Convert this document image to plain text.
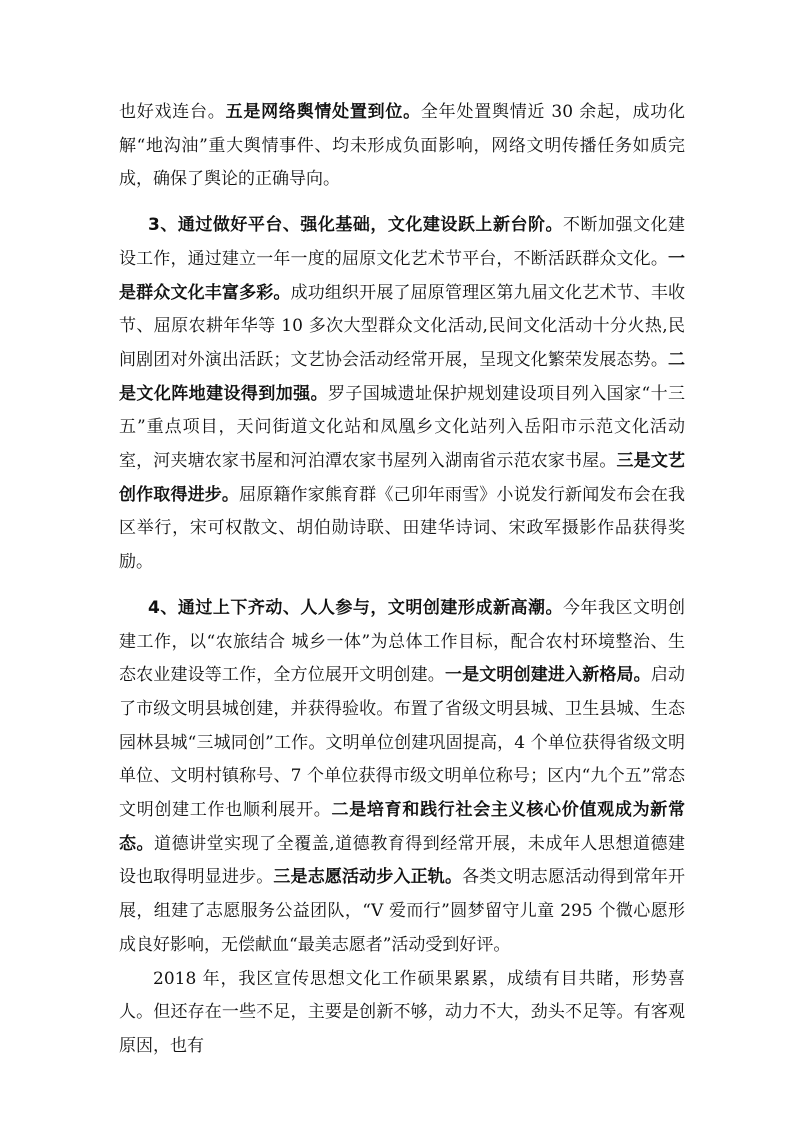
也好戏连台。五是网络舆情处置到位。全年处置舆情近 30 余起，成功化解“地沟油”重大舆情事件、均未形成负面影响，网络文明传播任务如质完成，确保了舆论的正确导向。

3、通过做好平台、强化基础，文化建设跃上新台阶。不断加强文化建设工作，通过建立一年一度的屈原文化艺术节平台，不断活跃群众文化。一是群众文化丰富多彩。成功组织开展了屈原管理区第九届文化艺术节、丰收节、屈原农耕年华等 10 多次大型群众文化活动,民间文化活动十分火热,民间剧团对外演出活跃；文艺协会活动经常开展，呈现文化繁荣发展态势。二是文化阵地建设得到加强。罗子国城遗址保护规划建设项目列入国家“十三五”重点项目，天问街道文化站和凤凰乡文化站列入岳阳市示范文化活动室，河夹塘农家书屋和河泊潭农家书屋列入湖南省示范农家书屋。三是文艺创作取得进步。屈原籍作家熊育群《己卯年雨雪》小说发行新闻发布会在我区举行，宋可权散文、胡伯勋诗联、田建华诗词、宋政军摄影作品获得奖励。

4、通过上下齐动、人人参与，文明创建形成新高潮。今年我区文明创建工作，以“农旅结合 城乡一体”为总体工作目标，配合农村环境整治、生态农业建设等工作，全方位展开文明创建。一是文明创建进入新格局。启动了市级文明县城创建，并获得验收。布置了省级文明县城、卫生县城、生态园林县城“三城同创”工作。文明单位创建巩固提高，4 个单位获得省级文明单位、文明村镇称号、7 个单位获得市级文明单位称号；区内“九个五”常态文明创建工作也顺利展开。二是培育和践行社会主义核心价值观成为新常态。道德讲堂实现了全覆盖,道德教育得到经常开展，未成年人思想道德建设也取得明显进步。三是志愿活动步入正轨。各类文明志愿活动得到常年开展，组建了志愿服务公益团队，“V 爱而行”圆梦留守儿童 295 个微心愿形成良好影响，无偿献血“最美志愿者”活动受到好评。

2018 年，我区宣传思想文化工作硕果累累，成绩有目共睹，形势喜人。但还存在一些不足，主要是创新不够，动力不大，劲头不足等。有客观原因，也有
